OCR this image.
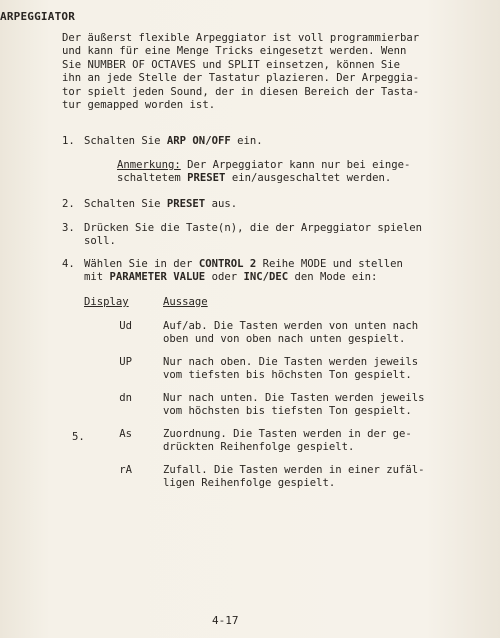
ARPEGGIATOR
Der äußerst flexible Arpeggiator ist voll programmierbar
und kann für eine Menge Tricks eingesetzt werden. Wenn
Sie NUMBER OF OCTAVES und SPLIT einsetzen, können Sie
ihn an jede Stelle der Tastatur plazieren. Der Arpeggia-
tor spielt jeden Sound, der in diesen Bereich der Tasta-
tur gemapped worden ist.
1. Schalten Sie ARP ON/OFF ein.
Anmerkung: Der Arpeggiator kann nur bei einge-
schaltetem PRESET ein/ausgeschaltet werden.
2. Schalten Sie PRESET aus.
3. Drücken Sie die Taste(n), die der Arpeggiator spielen
soll.
4. Wählen Sie in der CONTROL 2 Reihe MODE und stellen
mit PARAMETER VALUE oder INC/DEC den Mode ein:
Display	Aussage
Ud	Auf/ab. Die Tasten werden von unten nach
oben und von oben nach unten gespielt.
UP	Nur nach oben. Die Tasten werden jeweils
vom tiefsten bis höchsten Ton gespielt.
dn	Nur nach unten. Die Tasten werden jeweils
vom höchsten bis tiefsten Ton gespielt.
As	Zuordnung. Die Tasten werden in der ge-
drückten Reihenfolge gespielt.
rA	Zufall. Die Tasten werden in einer zufäl-
ligen Reihenfolge gespielt.
5.
4-17
